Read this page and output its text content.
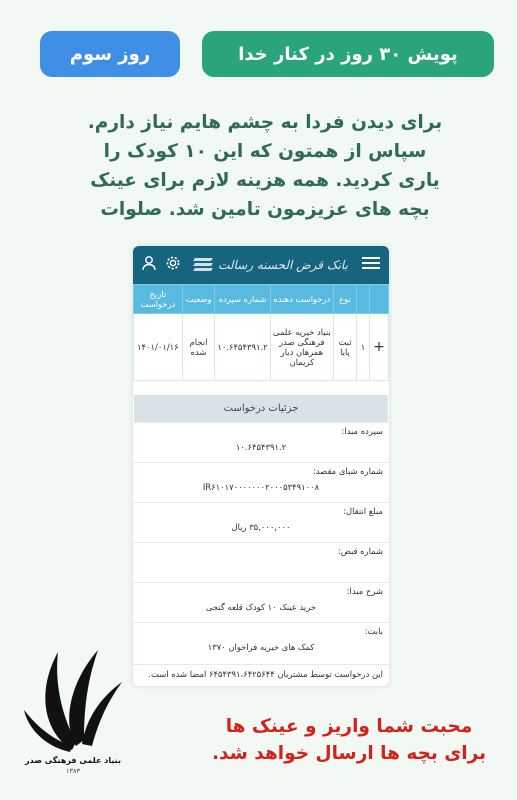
پویش ۳۰ روز در کنار خدا
روز سوم
برای دیدن فردا به چشم هایم نیاز دارم.
سپاس از همتون که این ۱۰ کودک را
یاری کردید. همه هزینه لازم برای عینک
بچه های عزیزمون تامین شد. صلوات
بانک قرض الحسنه رسالت
		نوع	درخواست دهنده	شماره سپرده	وضعیت	تاریخ درخواست
+	۱	ثبت پایا	بنیاد خیریه علمی فرهنگی صدر همرهان دیار کریمان	۱۰.۶۴۵۴۳۹۱.۲	انجام شده	۱۴۰۱/۰۱/۱۶
جزئیات درخواست
سپرده مبدا:
۱۰.۶۴۵۴۳۹۱.۲
شماره شبای مقصد:
IR۶۱۰۱۷۰۰۰۰۰۰۰۲۰۰۰۵۳۴۹۱۰۰۸
مبلغ انتقال:
۳۵,۰۰۰,۰۰۰ ریال
شماره قبض:
شرح مبدا:
خرید عینک ۱۰ کودک قلعه گنجی
بابت:
کمک های خیریه فراخوان ۱۳۷۰
این درخواست توسط مشتریان ۶۴۵۴۳۹۱،۶۴۲۵۶۴۴ امضا شده است.
محبت شما واریز و عینک ها
برای بچه ها ارسال خواهد شد.
بنیاد علمی فرهنگی صدر
۱۳۸۳
